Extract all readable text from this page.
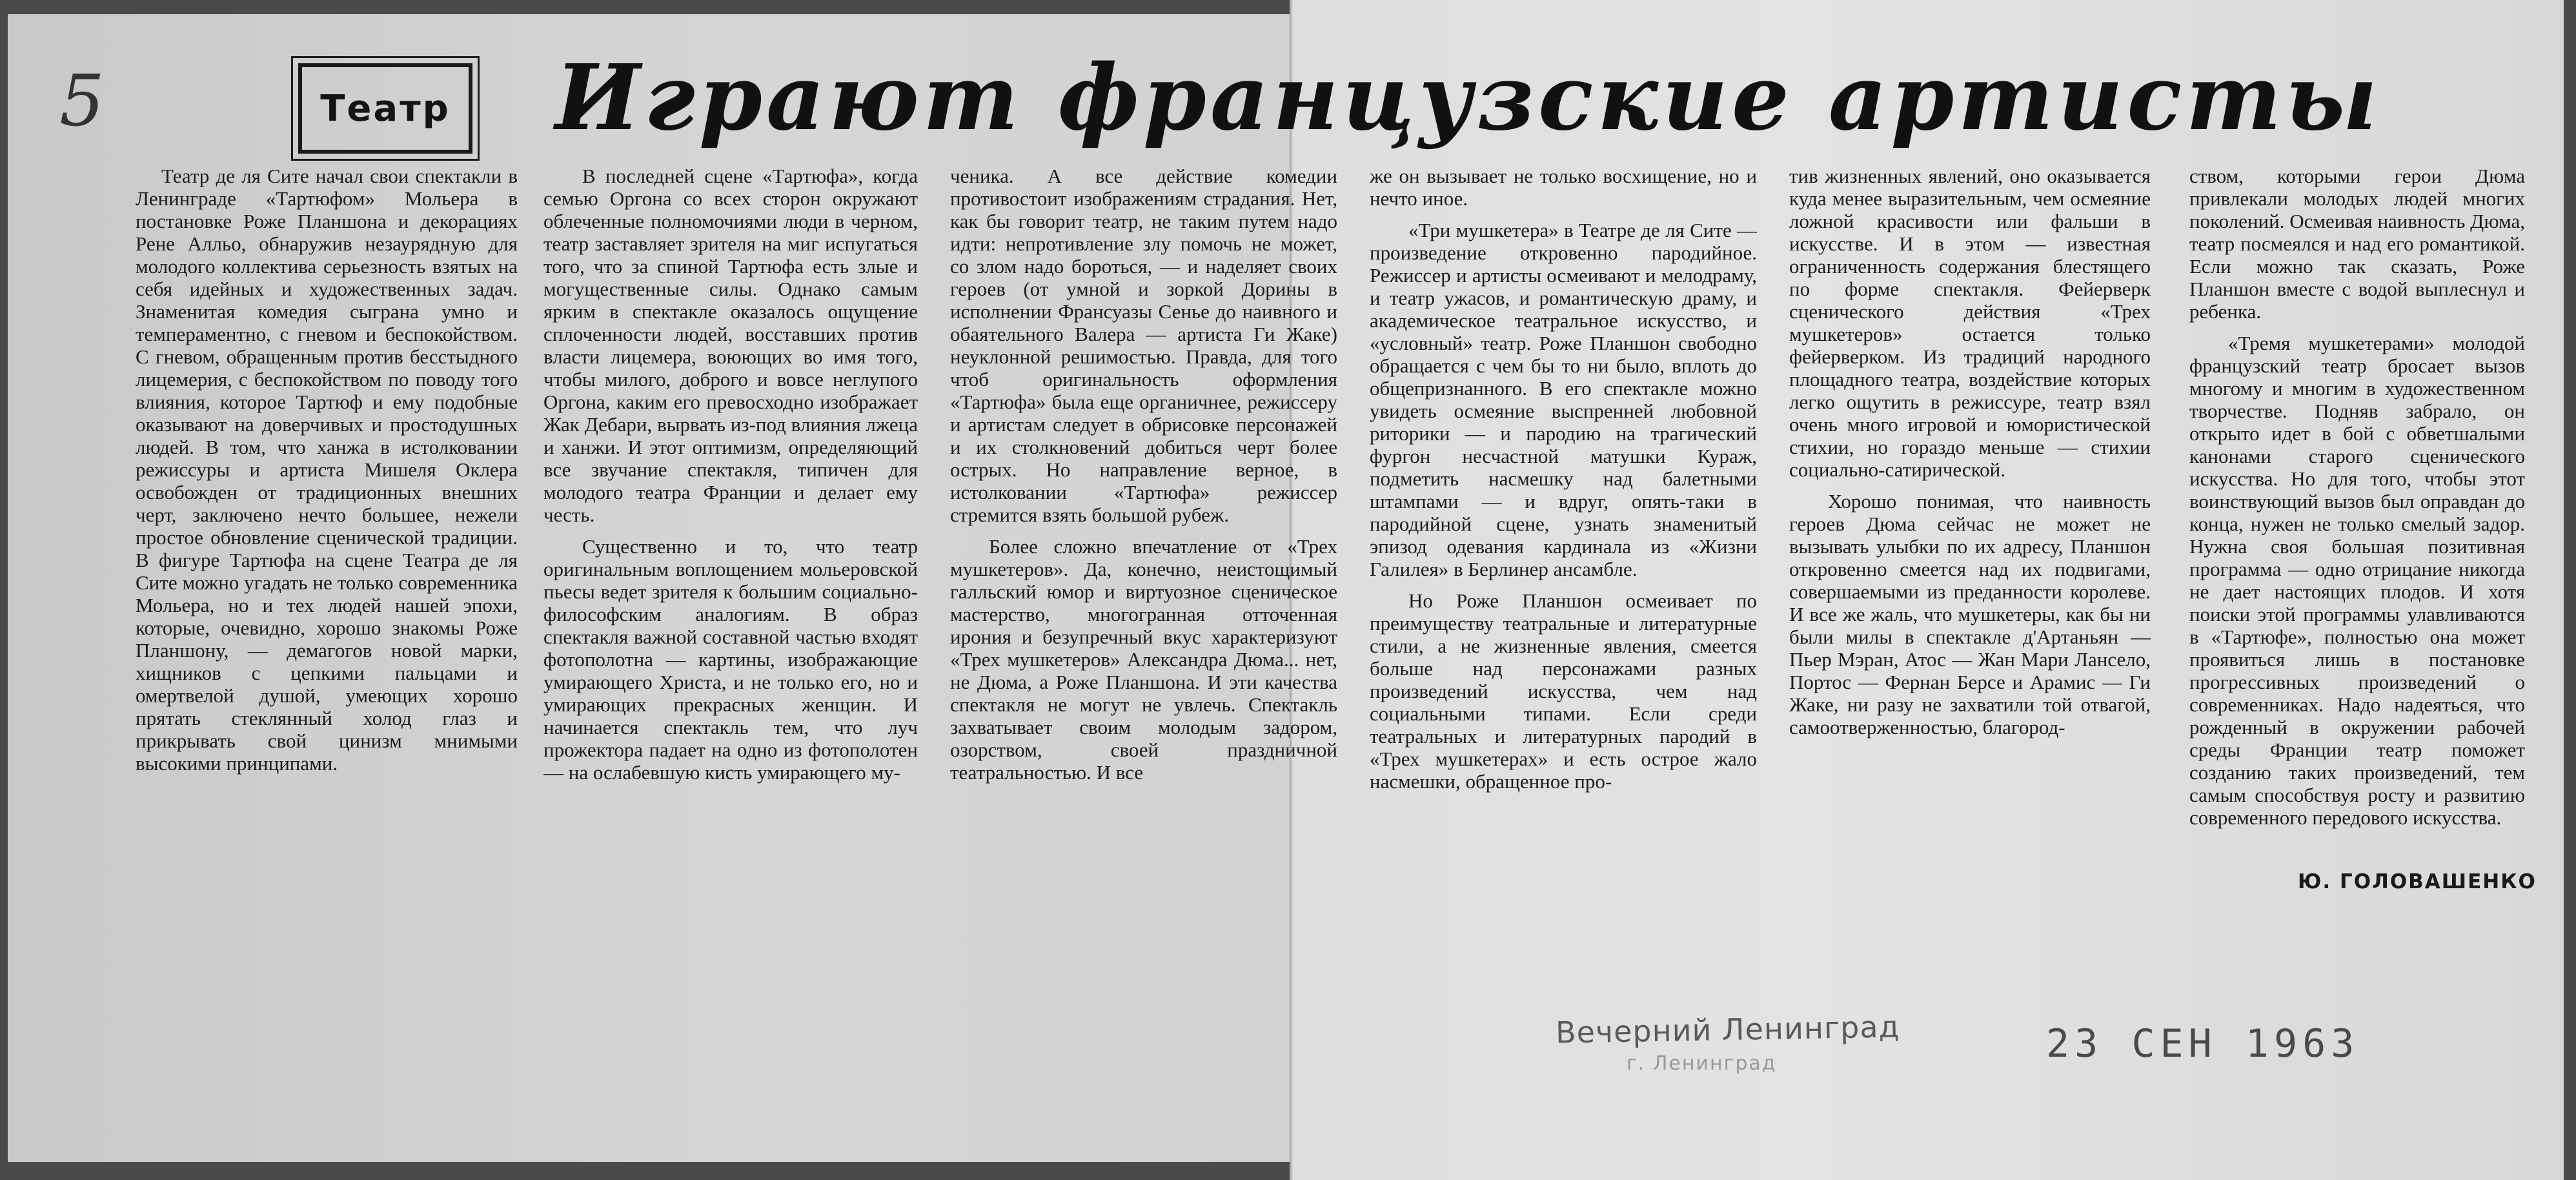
5	Театр Играют французские артисты

Театр де ля Сите начал свои спектакли в Ленинграде «Тартюфом» Мольера в постановке Роже Планшона и декорациях Рене Алльо, обнаружив незаурядную для молодого коллектива серьезность взятых на себя идейных и художественных задач. Знаменитая комедия сыграна умно и темпераментно, с гневом и беспокойством. С гневом, обращенным против бесстыдного лицемерия, с беспокойством по поводу того влияния, которое Тартюф и ему подобные оказывают на доверчивых и простодушных людей. В том, что ханжа в истолковании режиссуры и артиста Мишеля Оклера освобожден от традиционных внешних черт, заключено нечто большее, нежели простое обновление сценической традиции. В фигуре Тартюфа на сцене Театра де ля Сите можно угадать не только современника Мольера, но и тех людей нашей эпохи, которые, очевидно, хорошо знакомы Роже Планшону, — демагогов новой марки, хищников с цепкими пальцами и омертвелой душой, умеющих хорошо прятать стеклянный холод глаз и прикрывать свой цинизм мнимыми высокими принципами.

В последней сцене «Тартюфа», когда семью Оргона со всех сторон окружают облеченные полномочиями люди в черном, театр заставляет зрителя на миг испугаться того, что за спиной Тартюфа есть злые и могущественные силы. Однако самым ярким в спектакле оказалось ощущение сплоченности людей, восставших против власти лицемера, воюющих во имя того, чтобы милого, доброго и вовсе неглупого Оргона, каким его превосходно изображает Жак Дебари, вырвать из-под влияния лжеца и ханжи. И этот оптимизм, определяющий все звучание спектакля, типичен для молодого театра Франции и делает ему честь.

Существенно и то, что театр оригинальным воплощением мольеровской пьесы ведет зрителя к большим социально-философским аналогиям. В образ спектакля важной составной частью входят фотополотна — картины, изображающие умирающего Христа, и не только его, но и умирающих прекрасных женщин. И начинается спектакль тем, что луч прожектора падает на одно из фотополотен — на ослабевшую кисть умирающего му-

ченика. А все действие комедии противостоит изображениям страдания. Нет, как бы говорит театр, не таким путем надо идти: непротивление злу помочь не может, со злом надо бороться, — и наделяет своих героев (от умной и зоркой Дорины в исполнении Франсуазы Сенье до наивного и обаятельного Валера — артиста Ги Жаке) неуклонной решимостью. Правда, для того чтоб оригинальность оформления «Тартюфа» была еще органичнее, режиссеру и артистам следует в обрисовке персонажей и их столкновений добиться черт более острых. Но направление верное, в истолковании «Тартюфа» режиссер стремится взять большой рубеж.

Более сложно впечатление от «Трех мушкетеров». Да, конечно, неистощимый галльский юмор и виртуозное сценическое мастерство, многогранная отточенная ирония и безупречный вкус характеризуют «Трех мушкетеров» Александра Дюма... нет, не Дюма, а Роже Планшона. И эти качества спектакля не могут не увлечь. Спектакль захватывает своим молодым задором, озорством, своей праздничной театральностью. И все

же он вызывает не только восхищение, но и нечто иное.

«Три мушкетера» в Театре де ля Сите — произведение откровенно пародийное. Режиссер и артисты осмеивают и мелодраму, и театр ужасов, и романтическую драму, и академическое театральное искусство, и «условный» театр. Роже Планшон свободно обращается с чем бы то ни было, вплоть до общепризнанного. В его спектакле можно увидеть осмеяние выспренней любовной риторики — и пародию на трагический фургон несчастной матушки Кураж, подметить насмешку над балетными штампами — и вдруг, опять-таки в пародийной сцене, узнать знаменитый эпизод одевания кардинала из «Жизни Галилея» в Берлинер ансамбле.

Но Роже Планшон осмеивает по преимуществу театральные и литературные стили, а не жизненные явления, смеется больше над персонажами разных произведений искусства, чем над социальными типами. Если среди театральных и литературных пародий в «Трех мушкетерах» и есть острое жало насмешки, обращенное про-

тив жизненных явлений, оно оказывается куда менее выразительным, чем осмеяние ложной красивости или фальши в искусстве. И в этом — известная ограниченность содержания блестящего по форме спектакля. Фейерверк сценического действия «Трех мушкетеров» остается только фейерверком. Из традиций народного площадного театра, воздействие которых легко ощутить в режиссуре, театр взял очень много игровой и юмористической стихии, но гораздо меньше — стихии социально-сатирической.

Хорошо понимая, что наивность героев Дюма сейчас не может не вызывать улыбки по их адресу, Планшон откровенно смеется над их подвигами, совершаемыми из преданности королеве. И все же жаль, что мушкетеры, как бы ни были милы в спектакле д'Артаньян — Пьер Мэран, Атос — Жан Мари Лансело, Портос — Фернан Берсе и Арамис — Ги Жаке, ни разу не захватили той отвагой, самоотверженностью, благород-

ством, которыми герои Дюма привлекали молодых людей многих поколений. Осмеивая наивность Дюма, театр посмеялся и над его романтикой. Если можно так сказать, Роже Планшон вместе с водой выплеснул и ребенка.

«Тремя мушкетерами» молодой французский театр бросает вызов многому и многим в художественном творчестве. Подняв забрало, он открыто идет в бой с обветшалыми канонами старого сценического искусства. Но для того, чтобы этот воинствующий вызов был оправдан до конца, нужен не только смелый задор. Нужна своя большая позитивная программа — одно отрицание никогда не дает настоящих плодов. И хотя поиски этой программы улавливаются в «Тартюфе», полностью она может проявиться лишь в постановке прогрессивных произведений о современниках. Надо надеяться, что рожденный в окружении рабочей среды Франции театр поможет созданию таких произведений, тем самым способствуя росту и развитию современного передового искусства.

Ю. ГОЛОВАШЕНКО
Вечерний Ленинград
г. Ленинград	23 СЕН 1963
